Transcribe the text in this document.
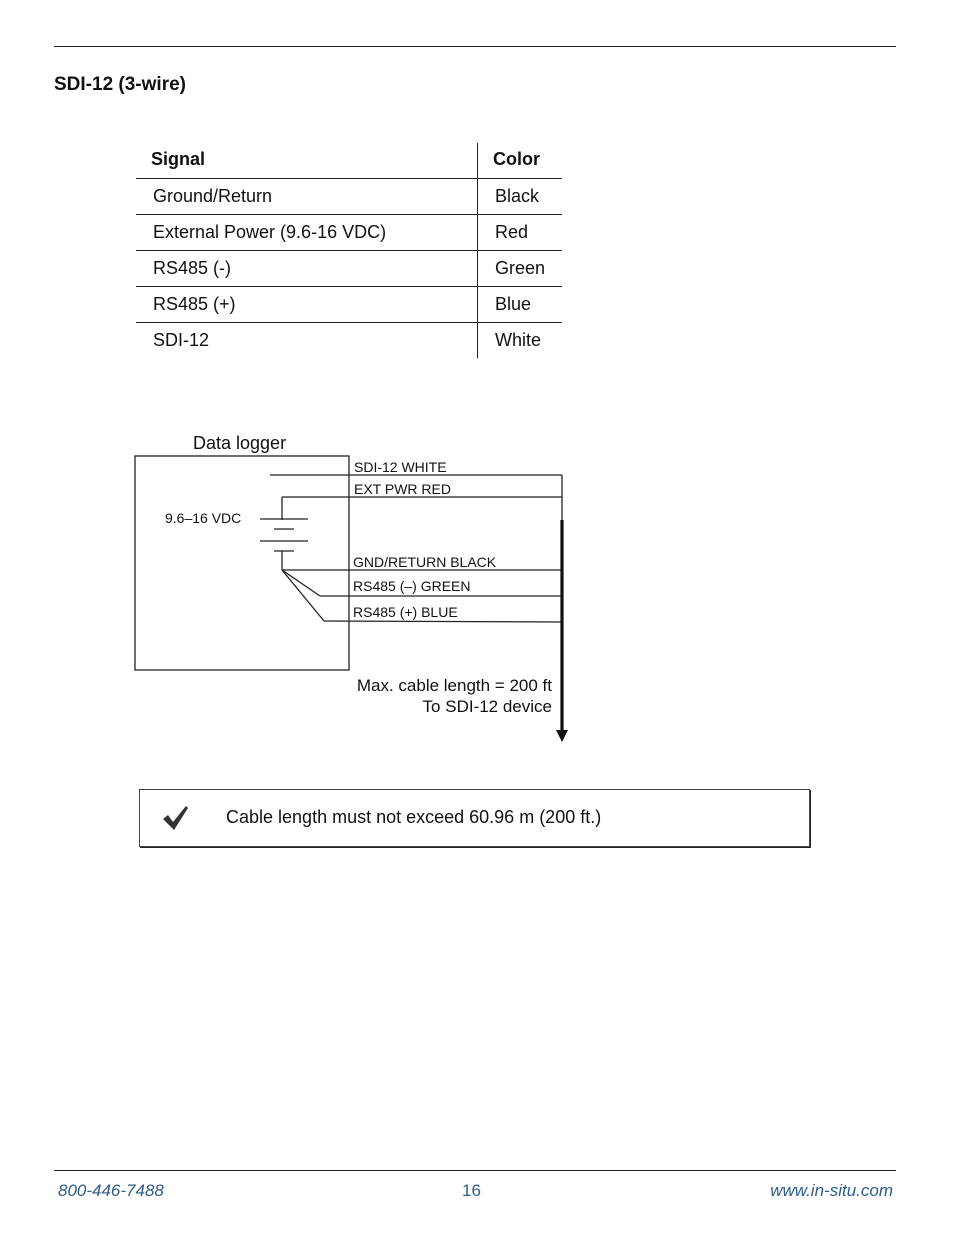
SDI-12 (3-wire)
Signal	Color
Ground/Return	Black
External Power (9.6-16 VDC)	Red
RS485 (-)	Green
RS485 (+)	Blue
SDI-12	White
Data logger
9.6–16 VDC
SDI-12 WHITE
EXT PWR RED
GND/RETURN BLACK
RS485 (–) GREEN
RS485 (+) BLUE
Max. cable length = 200 ft
To SDI-12 device
Cable length must not exceed 60.96 m (200 ft.)
800-446-7488	16	www.in-situ.com
